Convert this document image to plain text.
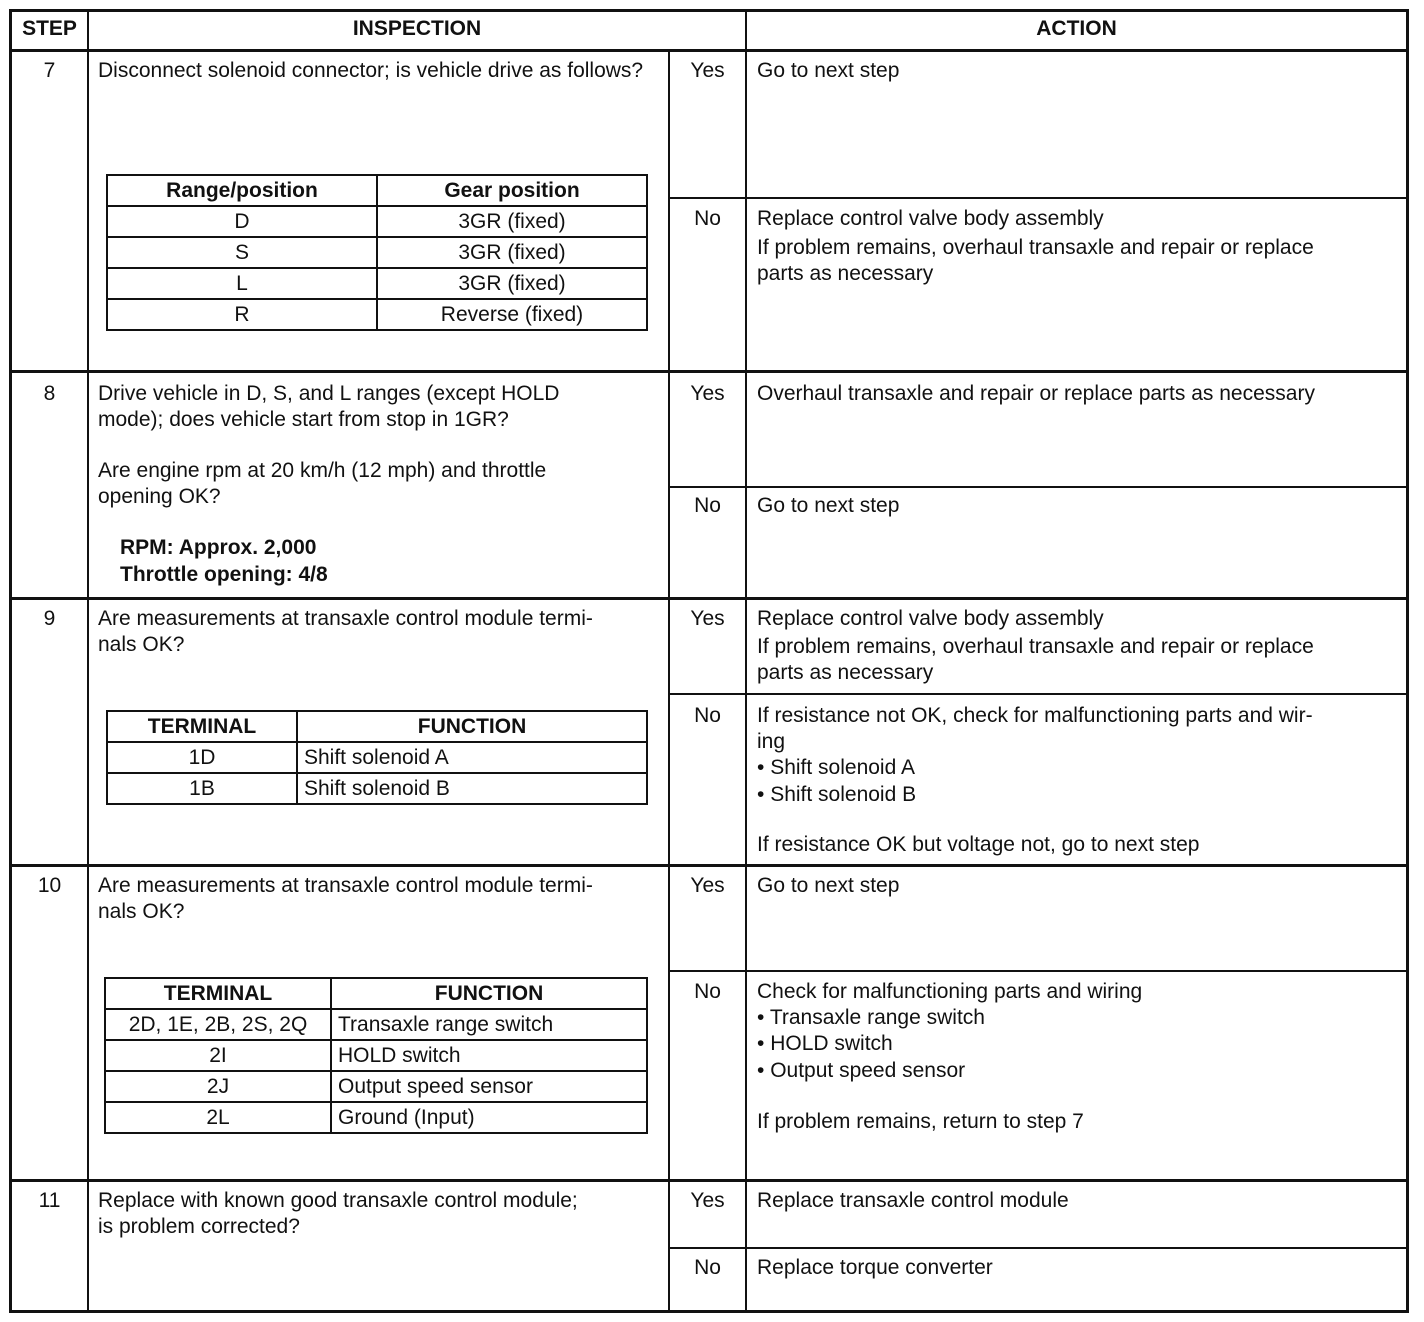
STEP	INSPECTION	ACTION
7	Disconnect solenoid connector; is vehicle drive as follows?
Range/position	Gear position
D	3GR (fixed)
S	3GR (fixed)
L	3GR (fixed)
R	Reverse (fixed)
Yes	Go to next step
No	Replace control valve body assembly
If problem remains, overhaul transaxle and repair or replace
parts as necessary
8	Drive vehicle in D, S, and L ranges (except HOLD
mode); does vehicle start from stop in 1GR?
Are engine rpm at 20 km/h (12 mph) and throttle
opening OK?
RPM: Approx. 2,000
Throttle opening: 4/8
Yes	Overhaul transaxle and repair or replace parts as necessary
No	Go to next step
9	Are measurements at transaxle control module termi-
nals OK?
TERMINAL	FUNCTION
1D	Shift solenoid A
1B	Shift solenoid B
Yes	Replace control valve body assembly
If problem remains, overhaul transaxle and repair or replace
parts as necessary
No	If resistance not OK, check for malfunctioning parts and wir-
ing
• Shift solenoid A
• Shift solenoid B
If resistance OK but voltage not, go to next step
10	Are measurements at transaxle control module termi-
nals OK?
TERMINAL	FUNCTION
2D, 1E, 2B, 2S, 2Q	Transaxle range switch
2I	HOLD switch
2J	Output speed sensor
2L	Ground (Input)
Yes	Go to next step
No	Check for malfunctioning parts and wiring
• Transaxle range switch
• HOLD switch
• Output speed sensor
If problem remains, return to step 7
11	Replace with known good transaxle control module;
is problem corrected?
Yes	Replace transaxle control module
No	Replace torque converter
